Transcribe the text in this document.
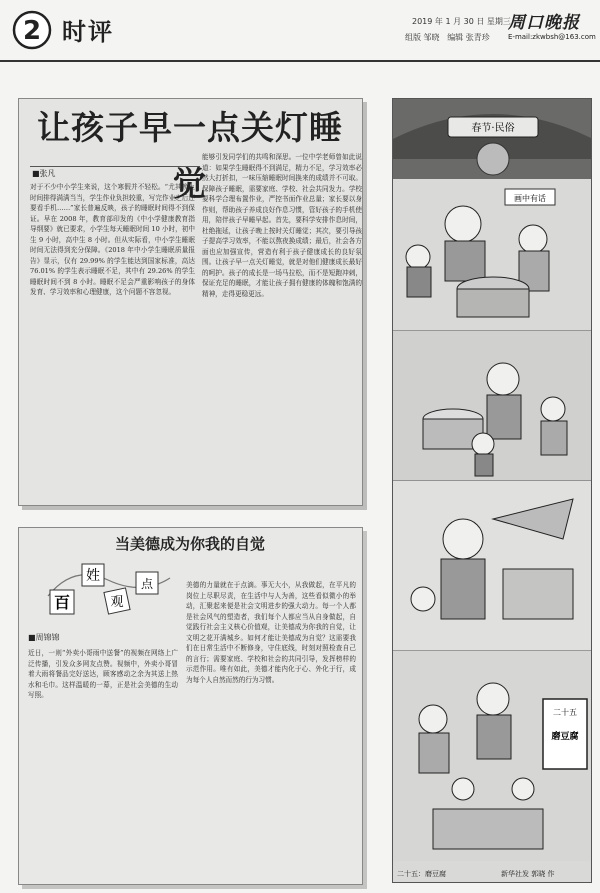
2 时评	2019 年 1 月 30 日 星期三
组版 邹晓 编辑 张青珍
周口晚报
E-mail:zkwbsh@163.com
让孩子早一点关灯睡觉
■张凡
对于不少中小学生来说，这个寒假并不轻松。“尤其晚上时间排得满满当当，学生作业负担较重，写完作业之后还要看手机……”家长普遍反映，孩子的睡眠时间得不到保证。早在 2008 年，教育部印发的《中小学健康教育指导纲要》就已要求，小学生每天睡眠时间 10 小时，初中生 9 小时，高中生 8 小时。但从实际看，中小学生睡眠时间无法得到充分保障。《2018 年中小学生睡眠质量报告》显示，仅有 29.99% 的学生能达到国家标准，高达 76.01% 的学生表示睡眠不足，其中有 29.26% 的学生睡眠时间不到 8 小时。睡眠不足会严重影响孩子的身体发育、学习效率和心理健康，这个问题不容忽视。
能够引发同学们的共鸣和深思。一位中学老师曾如此说道：如果学生睡眠得不到满足，精力不足，学习效率必然大打折扣，一味压缩睡眠时间换来的成绩并不可取。保障孩子睡眠，需要家庭、学校、社会共同发力。学校要科学合理布置作业，严控书面作业总量；家长要以身作则，帮助孩子养成良好作息习惯，管好孩子的手机使用，陪伴孩子早睡早起。首先，要科学安排作息时间，杜绝拖延，让孩子晚上按时关灯睡觉；其次，要引导孩子提高学习效率，不能以熬夜换成绩；最后，社会各方面也应加强宣传，营造有利于孩子健康成长的良好氛围。让孩子早一点关灯睡觉，就是对他们健康成长最好的呵护。孩子的成长是一场马拉松，而不是短跑冲刺，保证充足的睡眠，才能让孩子拥有健康的体魄和饱满的精神，走得更稳更远。
当美德成为你我的自觉
百
姓
观
点
■周锦锦
近日，一则“外卖小哥雨中送餐”的视频在网络上广泛传播，引发众多网友点赞。视频中，外卖小哥冒着大雨将餐品完好送达，顾客感动之余为其送上热水和毛巾。这样温暖的一幕，正是社会美德的生动写照。
美德的力量就在于点滴。事无大小，从我做起，在平凡的岗位上尽职尽责，在生活中与人为善，这些看似微小的举动，汇聚起来便是社会文明进步的强大动力。每一个人都是社会风气的塑造者，我们每个人都应当从自身做起，自觉践行社会主义核心价值观，让美德成为你我的自觉，让文明之花开满城乡。如何才能让美德成为自觉？这需要我们在日常生活中不断修身，守住底线，时刻对照检查自己的言行；需要家庭、学校和社会的共同引导，发挥榜样的示范作用。唯有如此，美德才能内化于心、外化于行，成为每个人自然而然的行为习惯。
春节·民俗
画中有话
二十五
磨豆腐
二十五：磨豆腐	新华社发 郭晓 作
